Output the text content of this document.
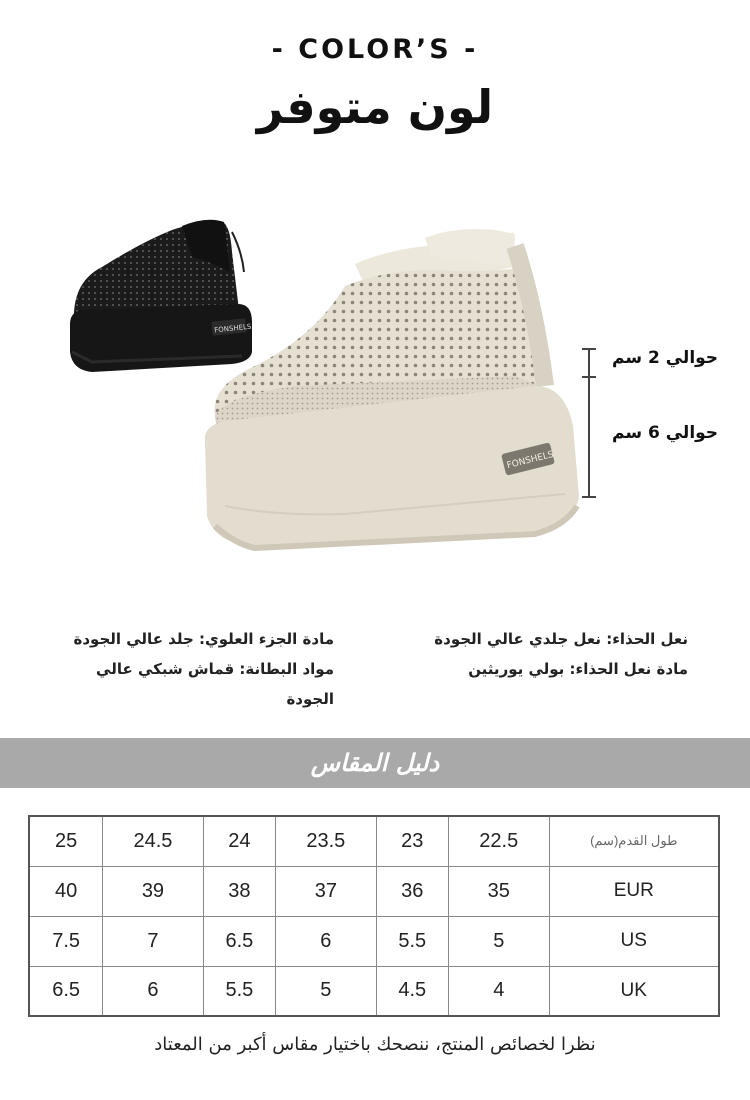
- COLOR’S -
لون متوفر
FONSHELS
FONSHELS
حوالي 2 سم
حوالي 6 سم
نعل الحذاء: نعل جلدي عالي الجودة
مادة نعل الحذاء: بولي يوريثين
مادة الجزء العلوي: جلد عالي الجودة
مواد البطانة: قماش شبكي عالي
الجودة
دليل المقاس
25	24.5	24	23.5	23	22.5	طول القدم(سم)
40	39	38	37	36	35	EUR
7.5	7	6.5	6	5.5	5	US
6.5	6	5.5	5	4.5	4	UK
نظرا لخصائص المنتج، ننصحك باختيار مقاس أكبر من المعتاد
